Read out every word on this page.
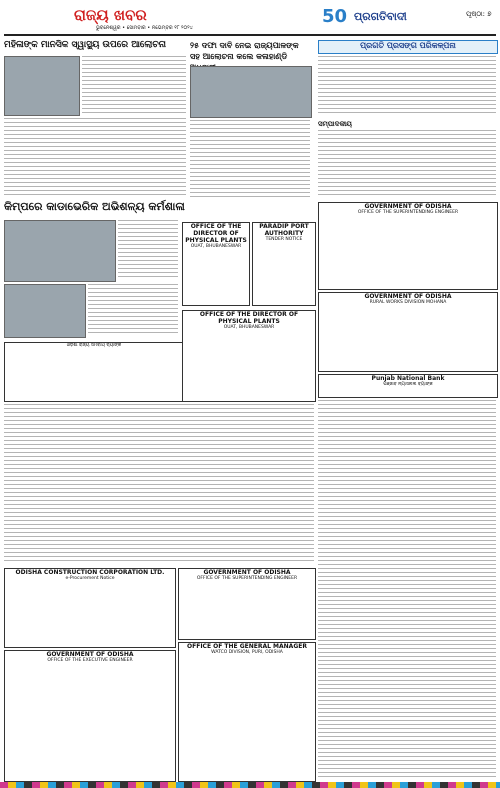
ରାଜ୍ୟ ଖବର
ଭୁବନେଶ୍ୱର • ସୋମବାର • ନଭେମ୍ବର ୧୮ ୨୦୨୪
50 ପ୍ରଗତିବାଦୀ	ପୃଷ୍ଠା: ୭
ମହିଳାଙ୍କ ମାନସିକ ସ୍ୱାସ୍ଥ୍ୟ ଉପରେ ଆଲୋଚନା	୨୫ ଦଫା ଦାବି ନେଇ ରାଜ୍ୟପାଳଙ୍କ ସହ ଆଲୋଚନା କଲେ କଳାହାଣ୍ଡି
ପ୍ରଗତି ପ୍ରସଙ୍ଗ ପରିକଳ୍ପନା
ସମ୍ପାଦକୀୟ
କିମ୍ପରେ କାଡାଭେରିକ ଅଭିଶଳ୍ୟ କର୍ମଶାଳା
OFFICE OF THE DIRECTOR OF PHYSICAL PLANTS
OUAT, BHUBANESWAR
PARADIP PORT AUTHORITY
TENDER NOTICE
GOVERNMENT OF ODISHA
OFFICE OF THE SUPERINTENDING ENGINEER
GOVERNMENT OF ODISHA
RURAL WORKS DIVISION MOHANA
ଓଡ଼ିଶା ରାଜ୍ୟ ସମବାୟ ବ୍ୟାଙ୍କ
OFFICE OF THE DIRECTOR OF PHYSICAL PLANTS
OUAT, BHUBANESWAR
Punjab National Bank
ପଞ୍ଜାବ ନ୍ୟାସନାଲ ବ୍ୟାଙ୍କ
ODISHA CONSTRUCTION CORPORATION LTD.
e-Procurement Notice
GOVERNMENT OF ODISHA
OFFICE OF THE EXECUTIVE ENGINEER
GOVERNMENT OF ODISHA
OFFICE OF THE SUPERINTENDING ENGINEER
OFFICE OF THE GENERAL MANAGER
WATCO DIVISION, PURI, ODISHA
